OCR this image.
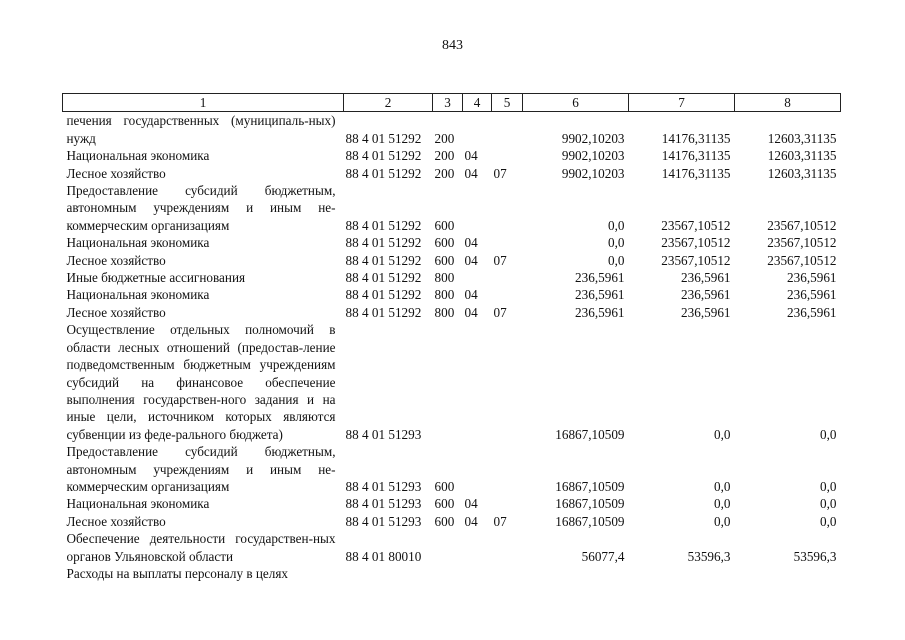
843
1	2	3	4	5	6	7	8
печения государственных (муниципаль-ных) нужд	88 4 01 51292	200			9902,10203	14176,31135	12603,31135
Национальная экономика	88 4 01 51292	200	04		9902,10203	14176,31135	12603,31135
Лесное хозяйство	88 4 01 51292	200	04	07	9902,10203	14176,31135	12603,31135
Предоставление субсидий бюджетным, автономным учреждениям и иным не-коммерческим организациям	88 4 01 51292	600			0,0	23567,10512	23567,10512
Национальная экономика	88 4 01 51292	600	04		0,0	23567,10512	23567,10512
Лесное хозяйство	88 4 01 51292	600	04	07	0,0	23567,10512	23567,10512
Иные бюджетные ассигнования	88 4 01 51292	800			236,5961	236,5961	236,5961
Национальная экономика	88 4 01 51292	800	04		236,5961	236,5961	236,5961
Лесное хозяйство	88 4 01 51292	800	04	07	236,5961	236,5961	236,5961
Осуществление отдельных полномочий в области лесных отношений (предостав-ление подведомственным бюджетным учреждениям субсидий на финансовое обеспечение выполнения государствен-ного задания и на иные цели, источником которых являются субвенции из феде-рального бюджета)	88 4 01 51293				16867,10509	0,0	0,0
Предоставление субсидий бюджетным, автономным учреждениям и иным не-коммерческим организациям	88 4 01 51293	600			16867,10509	0,0	0,0
Национальная экономика	88 4 01 51293	600	04		16867,10509	0,0	0,0
Лесное хозяйство	88 4 01 51293	600	04	07	16867,10509	0,0	0,0
Обеспечение деятельности государствен-ных органов Ульяновской области	88 4 01 80010				56077,4	53596,3	53596,3
Расходы на выплаты персоналу в целях							
